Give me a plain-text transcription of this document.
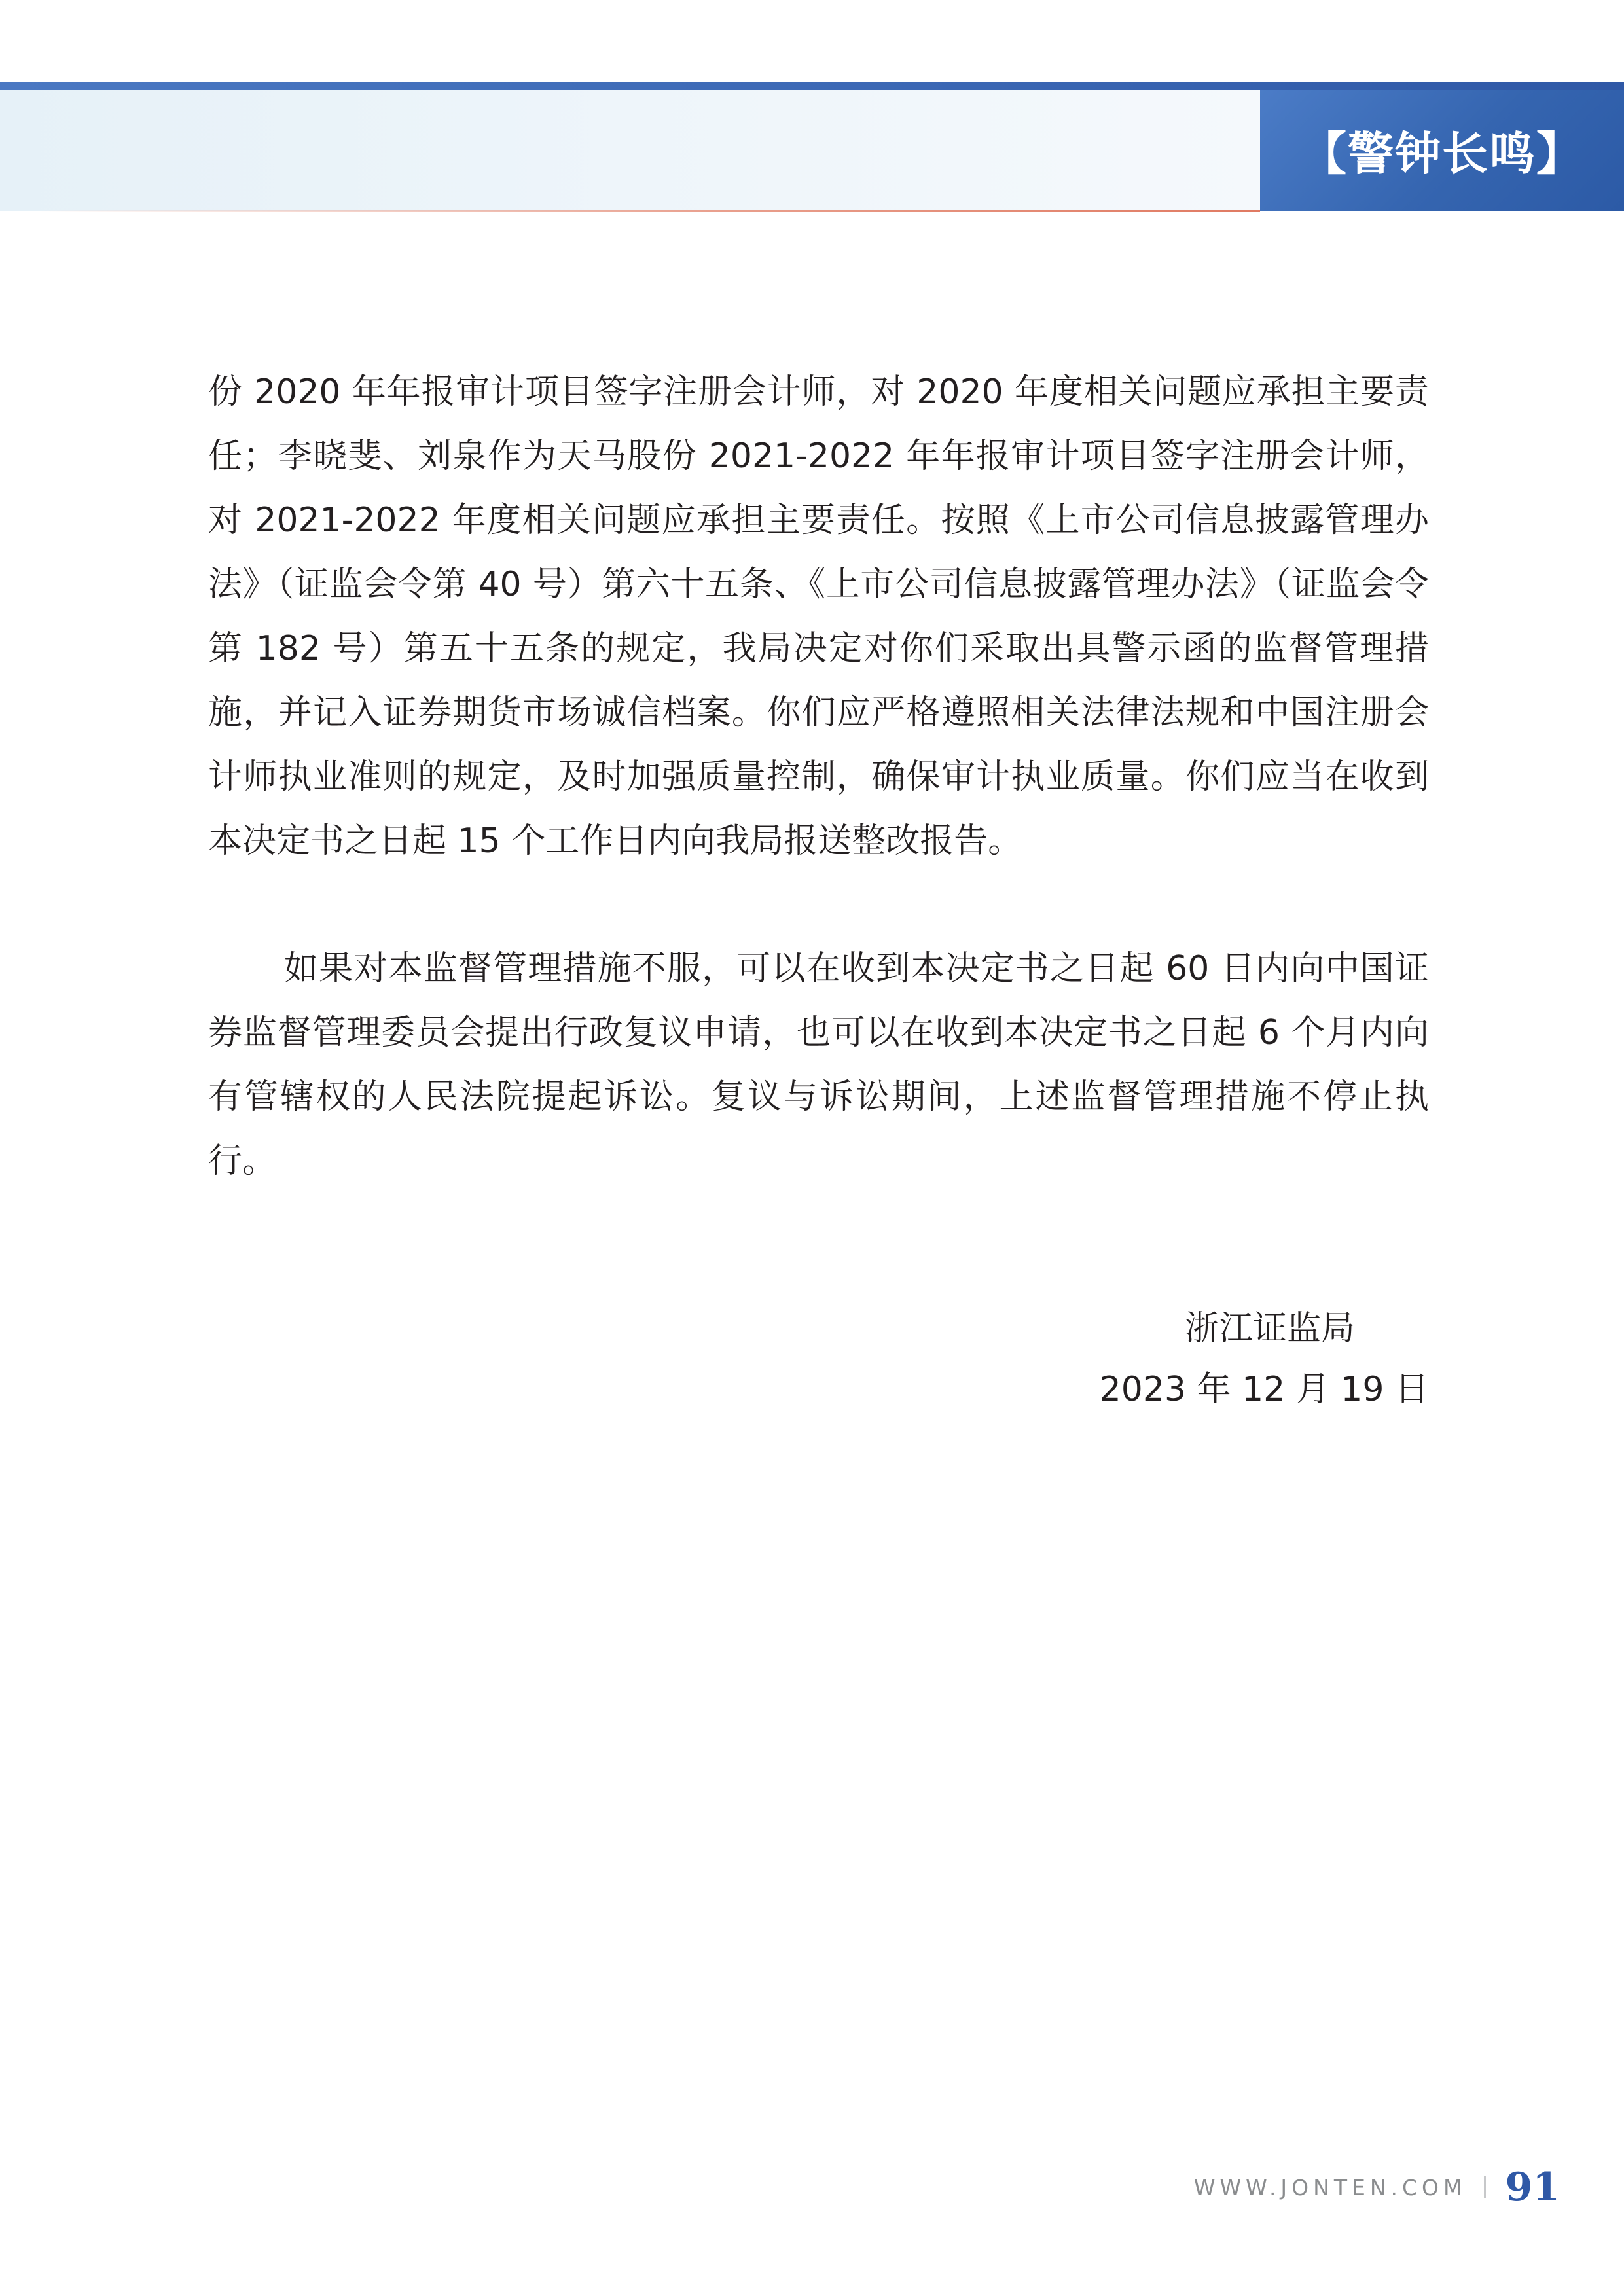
【警钟长鸣】

份 2020 年年报审计项目签字注册会计师，对 2020 年度相关问题应承担主要责任；李晓斐、刘泉作为天马股份 2021-2022 年年报审计项目签字注册会计师，对 2021-2022 年度相关问题应承担主要责任。按照《上市公司信息披露管理办法》（证监会令第 40 号）第六十五条、《上市公司信息披露管理办法》（证监会令第 182 号）第五十五条的规定，我局决定对你们采取出具警示函的监督管理措施，并记入证券期货市场诚信档案。你们应严格遵照相关法律法规和中国注册会计师执业准则的规定，及时加强质量控制，确保审计执业质量。你们应当在收到本决定书之日起 15 个工作日内向我局报送整改报告。

如果对本监督管理措施不服，可以在收到本决定书之日起 60 日内向中国证券监督管理委员会提出行政复议申请，也可以在收到本决定书之日起 6 个月内向有管辖权的人民法院提起诉讼。复议与诉讼期间，上述监督管理措施不停止执行。

浙江证监局
2023 年 12 月 19 日
WWW.JONTEN.COM 91
